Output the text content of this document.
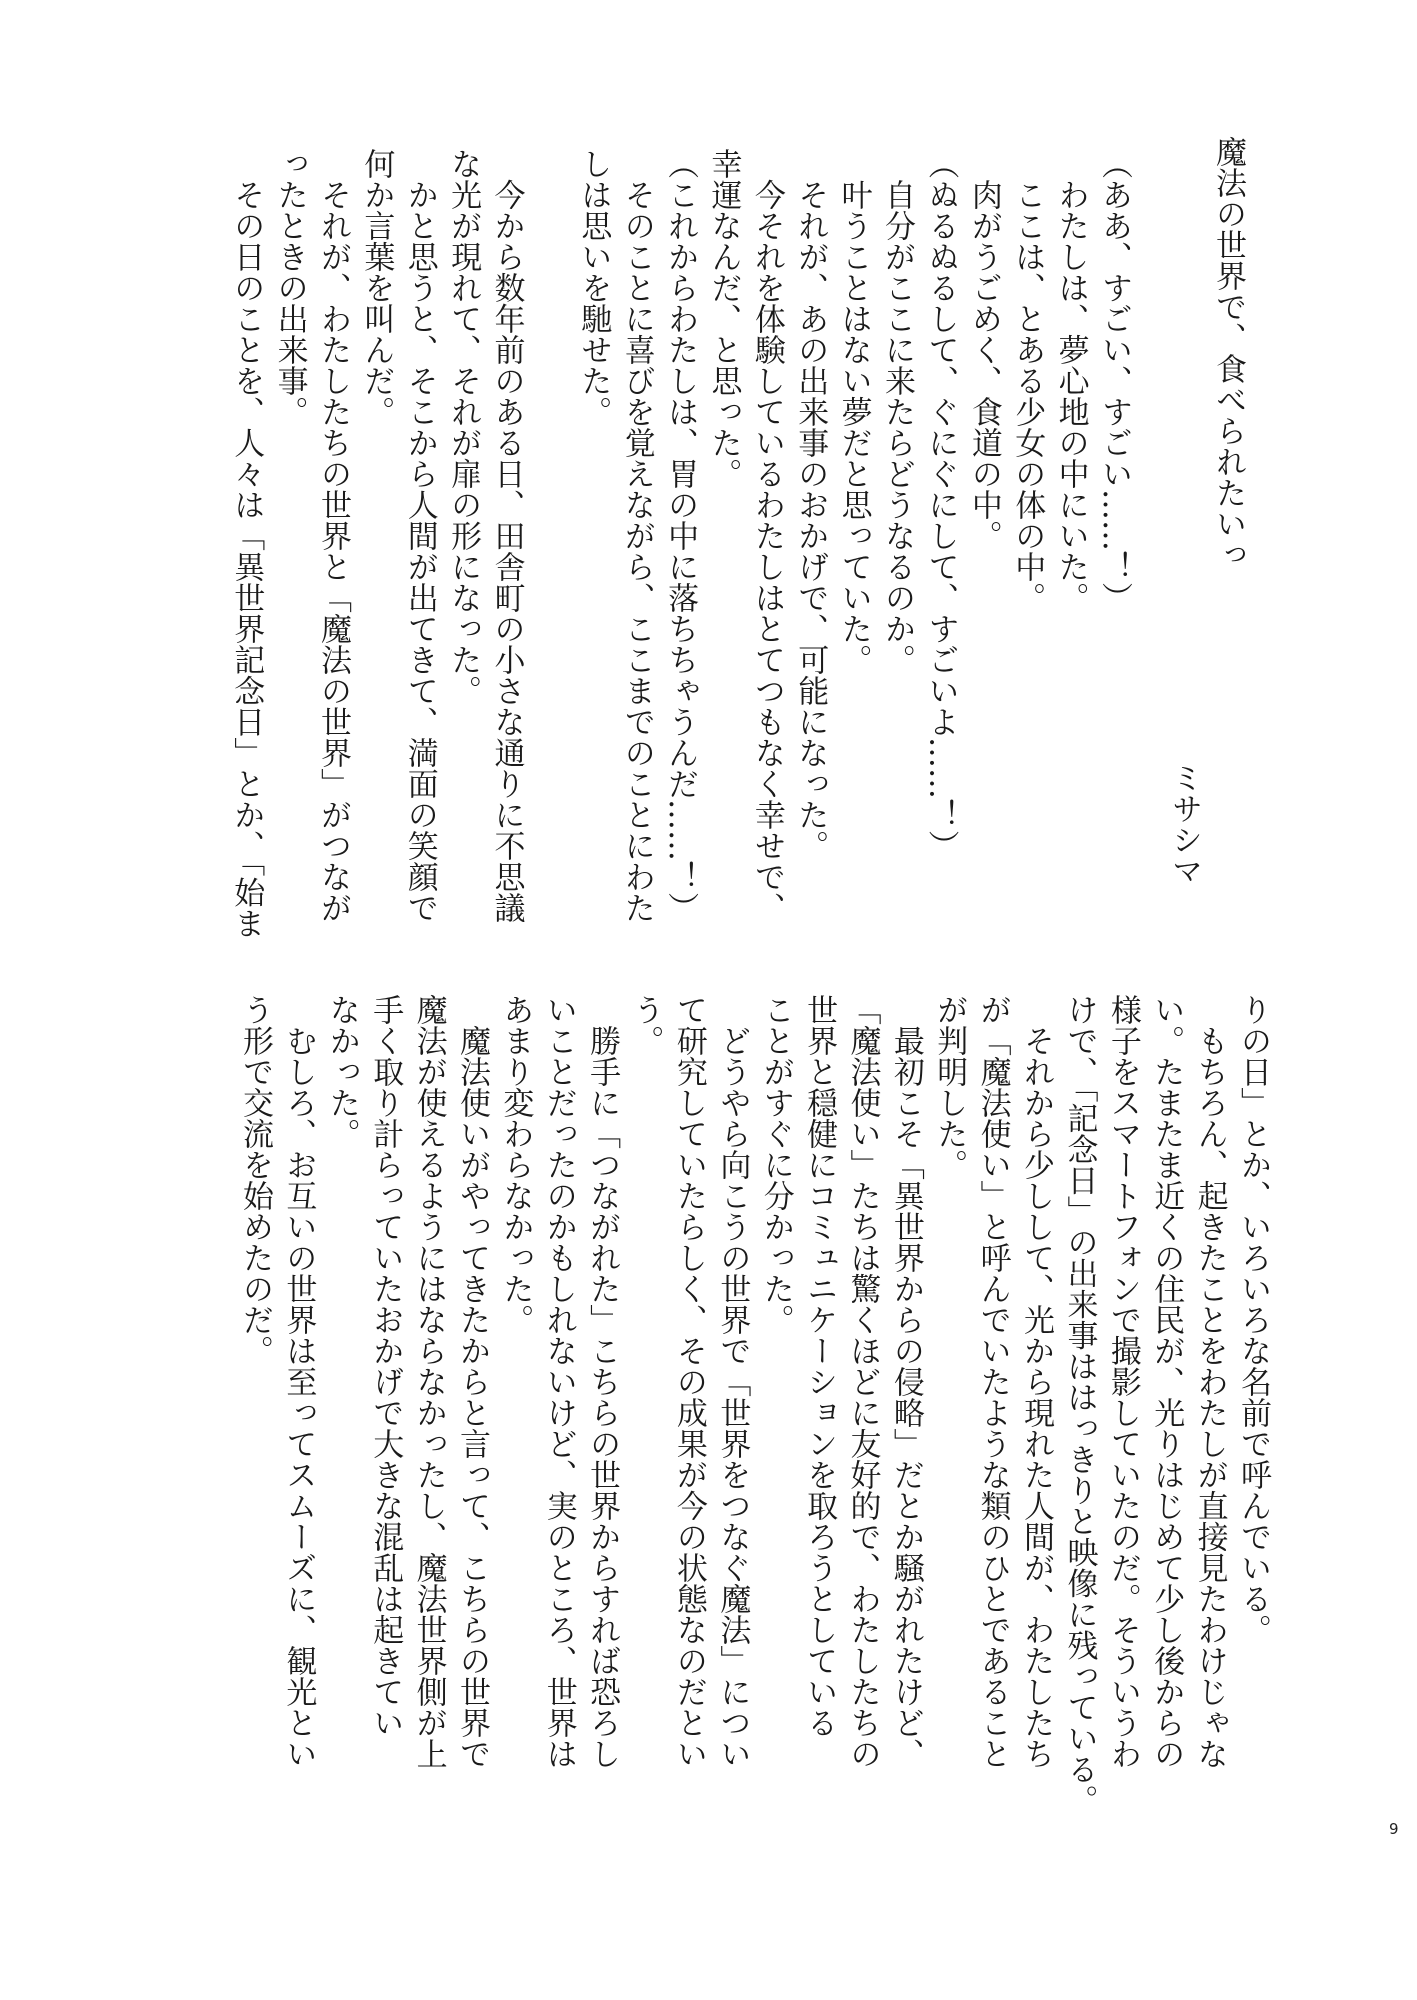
魔法の世界で、食べられたいっ
ミサシマ
（ああ、すごい、すごい……！）
　わたしは、夢心地の中にいた。
　ここは、とある少女の体の中。
　肉がうごめく、食道の中。
（ぬるぬるして、ぐにぐにして、すごいよ……！）
　自分がここに来たらどうなるのか。
　叶うことはない夢だと思っていた。
　それが、あの出来事のおかげで、可能になった。
　今それを体験しているわたしはとてつもなく幸せで、
幸運なんだ、と思った。
（これからわたしは、胃の中に落ちちゃうんだ……！）
　そのことに喜びを覚えながら、ここまでのことにわた
しは思いを馳せた。
　今から数年前のある日、田舎町の小さな通りに不思議
な光が現れて、それが扉の形になった。
　かと思うと、そこから人間が出てきて、満面の笑顔で
何か言葉を叫んだ。
　それが、わたしたちの世界と「魔法の世界」がつなが
ったときの出来事。
　その日のことを、人々は「異世界記念日」とか、「始ま
りの日」とか、いろいろな名前で呼んでいる。
　もちろん、起きたことをわたしが直接見たわけじゃな
い。たまたま近くの住民が、光りはじめて少し後からの
様子をスマートフォンで撮影していたのだ。そういうわ
けで、「記念日」の出来事ははっきりと映像に残っている。
　それから少しして、光から現れた人間が、わたしたち
が「魔法使い」と呼んでいたような類のひとであること
が判明した。
　最初こそ「異世界からの侵略」だとか騒がれたけど、
「魔法使い」たちは驚くほどに友好的で、わたしたちの
世界と穏健にコミュニケーションを取ろうとしている
ことがすぐに分かった。
　どうやら向こうの世界で「世界をつなぐ魔法」につい
て研究していたらしく、その成果が今の状態なのだとい
う。
　勝手に「つながれた」こちらの世界からすれば恐ろし
いことだったのかもしれないけど、実のところ、世界は
あまり変わらなかった。
　魔法使いがやってきたからと言って、こちらの世界で
魔法が使えるようにはならなかったし、魔法世界側が上
手く取り計らっていたおかげで大きな混乱は起きてい
なかった。
　むしろ、お互いの世界は至ってスムーズに、観光とい
う形で交流を始めたのだ。
9
